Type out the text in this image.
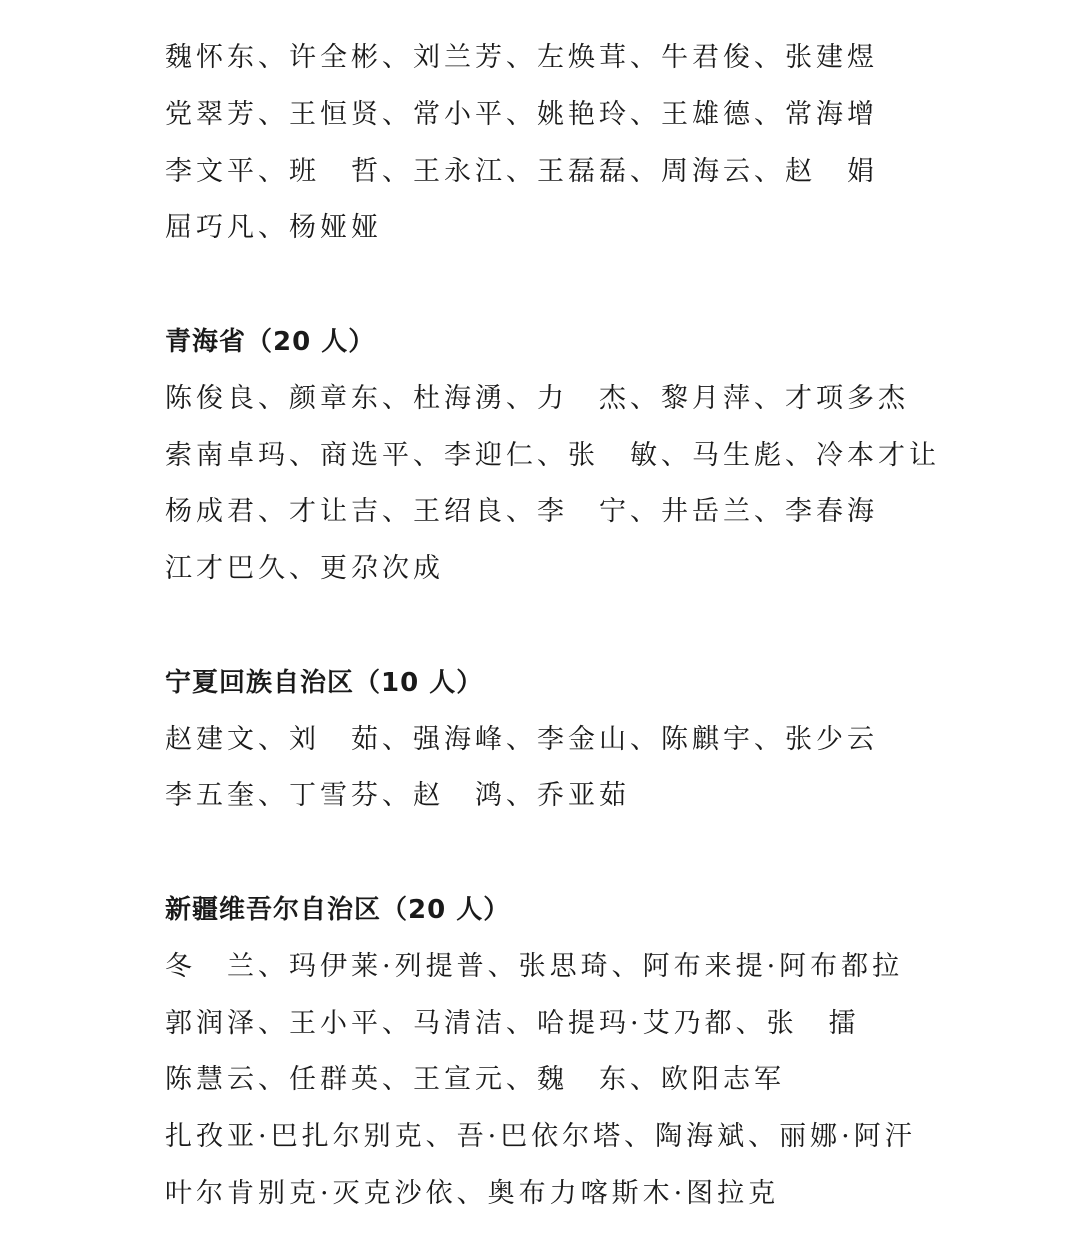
魏怀东、许全彬、刘兰芳、左焕茸、牛君俊、张建煜
党翠芳、王恒贤、常小平、姚艳玲、王雄德、常海增
李文平、班　哲、王永江、王磊磊、周海云、赵　娟
屈巧凡、杨娅娅
青海省（20 人）
陈俊良、颜章东、杜海湧、力　杰、黎月萍、才项多杰
索南卓玛、商选平、李迎仁、张　敏、马生彪、冷本才让
杨成君、才让吉、王绍良、李　宁、井岳兰、李春海
江才巴久、更尕次成
宁夏回族自治区（10 人）
赵建文、刘　茹、强海峰、李金山、陈麒宇、张少云
李五奎、丁雪芬、赵　鸿、乔亚茹
新疆维吾尔自治区（20 人）
冬　兰、玛伊莱·列提普、张思琦、阿布来提·阿布都拉
郭润泽、王小平、马清洁、哈提玛·艾乃都、张　擂
陈慧云、任群英、王宣元、魏　东、欧阳志军
扎孜亚·巴扎尔别克、吾·巴依尔塔、陶海斌、丽娜·阿汗
叶尔肯别克·灭克沙依、奥布力喀斯木·图拉克
